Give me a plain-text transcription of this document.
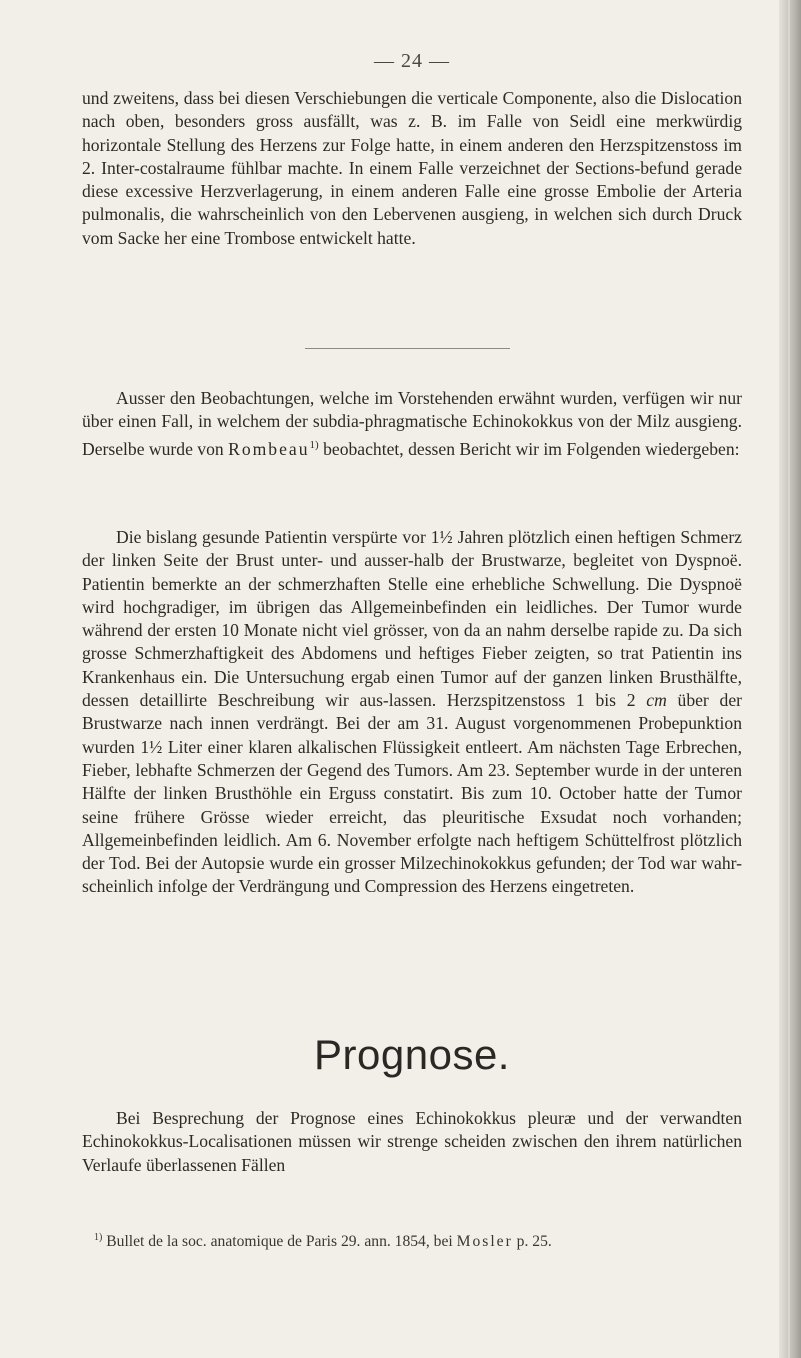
— 24 —

und zweitens, dass bei diesen Verschiebungen die verticale Componente, also die Dislocation nach oben, besonders gross ausfällt, was z. B. im Falle von Seidl eine merkwürdig horizontale Stellung des Herzens zur Folge hatte, in einem anderen den Herzspitzenstoss im 2. Inter-costalraume fühlbar machte. In einem Falle verzeichnet der Sections-befund gerade diese excessive Herzverlagerung, in einem anderen Falle eine grosse Embolie der Arteria pulmonalis, die wahrscheinlich von den Lebervenen ausgieng, in welchen sich durch Druck vom Sacke her eine Trombose entwickelt hatte.

Ausser den Beobachtungen, welche im Vorstehenden erwähnt wurden, verfügen wir nur über einen Fall, in welchem der subdia-phragmatische Echinokokkus von der Milz ausgieng. Derselbe wurde von Rombeau$^{1)}$ beobachtet, dessen Bericht wir im Folgenden wiedergeben:

Die bislang gesunde Patientin verspürte vor 1½ Jahren plötzlich einen heftigen Schmerz der linken Seite der Brust unter- und ausser-halb der Brustwarze, begleitet von Dyspnoë. Patientin bemerkte an der schmerzhaften Stelle eine erhebliche Schwellung. Die Dyspnoë wird hochgradiger, im übrigen das Allgemeinbefinden ein leidliches. Der Tumor wurde während der ersten 10 Monate nicht viel grösser, von da an nahm derselbe rapide zu. Da sich grosse Schmerzhaftigkeit des Abdomens und heftiges Fieber zeigten, so trat Patientin ins Krankenhaus ein. Die Untersuchung ergab einen Tumor auf der ganzen linken Brusthälfte, dessen detaillirte Beschreibung wir aus-lassen. Herzspitzenstoss 1 bis 2 cm über der Brustwarze nach innen verdrängt. Bei der am 31. August vorgenommenen Probepunktion wurden 1½ Liter einer klaren alkalischen Flüssigkeit entleert. Am nächsten Tage Erbrechen, Fieber, lebhafte Schmerzen der Gegend des Tumors. Am 23. September wurde in der unteren Hälfte der linken Brusthöhle ein Erguss constatirt. Bis zum 10. October hatte der Tumor seine frühere Grösse wieder erreicht, das pleuritische Exsudat noch vorhanden; Allgemeinbefinden leidlich. Am 6. November erfolgte nach heftigem Schüttelfrost plötzlich der Tod. Bei der Autopsie wurde ein grosser Milzechinokokkus gefunden; der Tod war wahr-scheinlich infolge der Verdrängung und Compression des Herzens eingetreten.

Prognose.

Bei Besprechung der Prognose eines Echinokokkus pleuræ und der verwandten Echinokokkus-Localisationen müssen wir strenge scheiden zwischen den ihrem natürlichen Verlaufe überlassenen Fällen

$^{1)}$ Bullet de la soc. anatomique de Paris 29. ann. 1854, bei Mosler p. 25.
